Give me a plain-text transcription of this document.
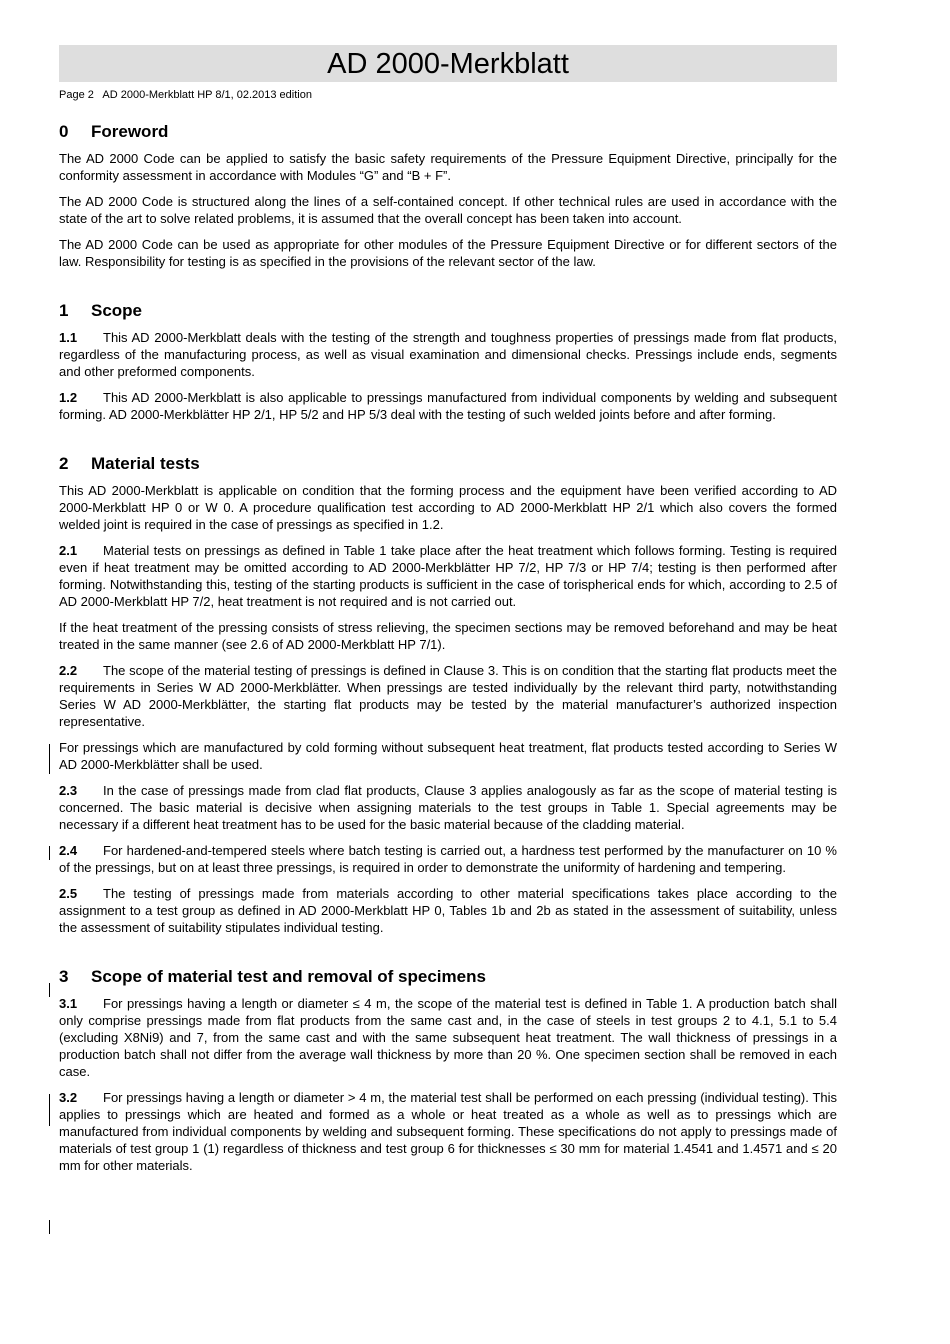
AD 2000-Merkblatt
Page 2   AD 2000-Merkblatt HP 8/1, 02.2013 edition
0 Foreword

The AD 2000 Code can be applied to satisfy the basic safety requirements of the Pressure Equipment Directive, principally for the conformity assessment in accordance with Modules “G” and “B + F”.

The AD 2000 Code is structured along the lines of a self-contained concept. If other technical rules are used in accordance with the state of the art to solve related problems, it is assumed that the overall concept has been taken into account.

The AD 2000 Code can be used as appropriate for other modules of the Pressure Equipment Directive or for different sectors of the law. Responsibility for testing is as specified in the provisions of the relevant sector of the law.

1 Scope

1.1 This AD 2000-Merkblatt deals with the testing of the strength and toughness properties of pressings made from flat products, regardless of the manufacturing process, as well as visual examination and dimensional checks. Pressings include ends, segments and other preformed components.

1.2 This AD 2000-Merkblatt is also applicable to pressings manufactured from individual components by welding and subsequent forming. AD 2000-Merkblätter HP 2/1, HP 5/2 and HP 5/3 deal with the testing of such welded joints before and after forming.

2 Material tests

This AD 2000-Merkblatt is applicable on condition that the forming process and the equipment have been verified according to AD 2000-Merkblatt HP 0 or W 0. A procedure qualification test according to AD 2000-Merkblatt HP 2/1 which also covers the formed welded joint is required in the case of pressings as specified in 1.2.

2.1 Material tests on pressings as defined in Table 1 take place after the heat treatment which follows forming. Testing is required even if heat treatment may be omitted according to AD 2000-Merkblätter HP 7/2, HP 7/3 or HP 7/4; testing is then performed after forming. Notwithstanding this, testing of the starting products is sufficient in the case of torispherical ends for which, according to 2.5 of AD 2000-Merkblatt HP 7/2, heat treatment is not required and is not carried out.

If the heat treatment of the pressing consists of stress relieving, the specimen sections may be removed beforehand and may be heat treated in the same manner (see 2.6 of AD 2000-Merkblatt HP 7/1).

2.2 The scope of the material testing of pressings is defined in Clause 3. This is on condition that the starting flat products meet the requirements in Series W AD 2000-Merkblätter. When pressings are tested individually by the relevant third party, notwithstanding Series W AD 2000-Merkblätter, the starting flat products may be tested by the material manufacturer’s authorized inspection representative.

For pressings which are manufactured by cold forming without subsequent heat treatment, flat products tested according to Series W AD 2000-Merkblätter shall be used.

2.3 In the case of pressings made from clad flat products, Clause 3 applies analogously as far as the scope of material testing is concerned. The basic material is decisive when assigning materials to the test groups in Table 1. Special agreements may be necessary if a different heat treatment has to be used for the basic material because of the cladding material.

2.4 For hardened-and-tempered steels where batch testing is carried out, a hardness test performed by the manufacturer on 10 % of the pressings, but on at least three pressings, is required in order to demonstrate the uniformity of hardening and tempering.

2.5 The testing of pressings made from materials according to other material specifications takes place according to the assignment to a test group as defined in AD 2000-Merkblatt HP 0, Tables 1b and 2b as stated in the assessment of suitability, unless the assessment of suitability stipulates individual testing.

3 Scope of material test and removal of specimens

3.1 For pressings having a length or diameter ≤ 4 m, the scope of the material test is defined in Table 1. A production batch shall only comprise pressings made from flat products from the same cast and, in the case of steels in test groups 2 to 4.1, 5.1 to 5.4 (excluding X8Ni9) and 7, from the same cast and with the same subsequent heat treatment. The wall thickness of pressings in a production batch shall not differ from the average wall thickness by more than 20 %. One specimen section shall be removed in each case.

3.2 For pressings having a length or diameter > 4 m, the material test shall be performed on each pressing (individual testing). This applies to pressings which are heated and formed as a whole or heat treated as a whole as well as to pressings which are manufactured from individual components by welding and subsequent forming. These specifications do not apply to pressings made of materials of test group 1 (1) regardless of thickness and test group 6 for thicknesses ≤ 30 mm for material 1.4541 and 1.4571 and ≤ 20 mm for other materials.
